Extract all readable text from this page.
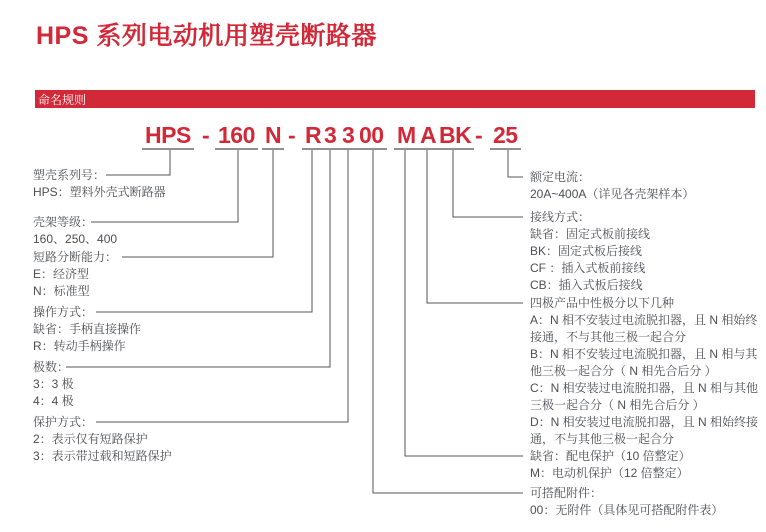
HPS 系列电动机用塑壳断路器
命名规则
HPS - 160 N - R 3 3 00 M A BK - 25
塑壳系列号：
HPS：塑料外壳式断路器
壳架等级：
160、250、400
短路分断能力：
E：经济型
N：标准型
操作方式：
缺省：手柄直接操作
R：转动手柄操作
极数：
3：3 极
4：4 极
保护方式：
2：表示仅有短路保护
3：表示带过载和短路保护
额定电流：
20A~400A（详见各壳架样本）
接线方式：
缺省：固定式板前接线
BK：固定式板后接线
CF ：插入式板前接线
CB：插入式板后接线
四极产品中性极分以下几种
A：N 相不安装过电流脱扣器，且 N 相始终
接通，不与其他三极一起合分
B：N 相不安装过电流脱扣器，且 N 相与其
他三极一起合分（ N 相先合后分 ）
C：N 相安装过电流脱扣器，且 N 相与其他
三极一起合分（ N 相先合后分 ）
D：N 相安装过电流脱扣器，且 N 相始终接
通，不与其他三极一起合分
缺省：配电保护（10 倍整定）
M：电动机保护（12 倍整定）
可搭配附件：
00：无附件（具体见可搭配附件表）
